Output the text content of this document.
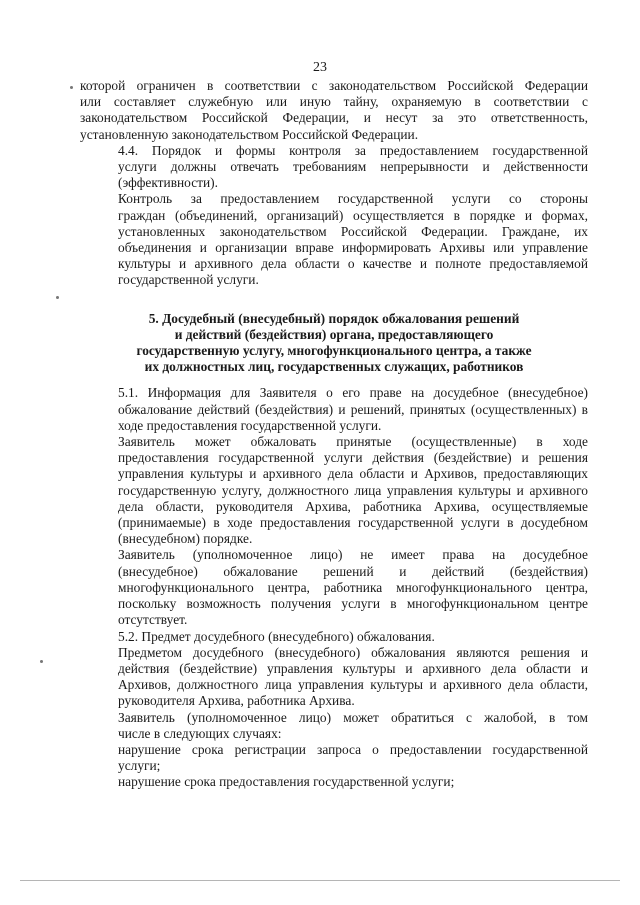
23
которой ограничен в соответствии с законодательством Российской Федерации
или составляет служебную или иную тайну, охраняемую в соответствии с
законодательством Российской Федерации, и несут за это ответственность,
установленную законодательством Российской Федерации.
4.4. Порядок и формы контроля за предоставлением государственной
услуги должны отвечать требованиям непрерывности и действенности
(эффективности).
Контроль за предоставлением государственной услуги со стороны
граждан (объединений, организаций) осуществляется в порядке и формах,
установленных законодательством Российской Федерации. Граждане, их
объединения и организации вправе информировать Архивы или управление
культуры и архивного дела области о качестве и полноте предоставляемой
государственной услуги.
5. Досудебный (внесудебный) порядок обжалования решений
и действий (бездействия) органа, предоставляющего
государственную услугу, многофункционального центра, а также
их должностных лиц, государственных служащих, работников
5.1. Информация для Заявителя о его праве на досудебное (внесудебное)
обжалование действий (бездействия) и решений, принятых (осуществленных) в
ходе предоставления государственной услуги.
Заявитель может обжаловать принятые (осуществленные) в ходе
предоставления государственной услуги действия (бездействие) и решения
управления культуры и архивного дела области и Архивов, предоставляющих
государственную услугу, должностного лица управления культуры и архивного
дела области, руководителя Архива, работника Архива, осуществляемые
(принимаемые) в ходе предоставления государственной услуги в досудебном
(внесудебном) порядке.
Заявитель (уполномоченное лицо) не имеет права на досудебное
(внесудебное) обжалование решений и действий (бездействия)
многофункционального центра, работника многофункционального центра,
поскольку возможность получения услуги в многофункциональном центре
отсутствует.
5.2. Предмет досудебного (внесудебного) обжалования.
Предметом досудебного (внесудебного) обжалования являются решения и
действия (бездействие) управления культуры и архивного дела области и
Архивов, должностного лица управления культуры и архивного дела области,
руководителя Архива, работника Архива.
Заявитель (уполномоченное лицо) может обратиться с жалобой, в том
числе в следующих случаях:
нарушение срока регистрации запроса о предоставлении государственной
услуги;
нарушение срока предоставления государственной услуги;
